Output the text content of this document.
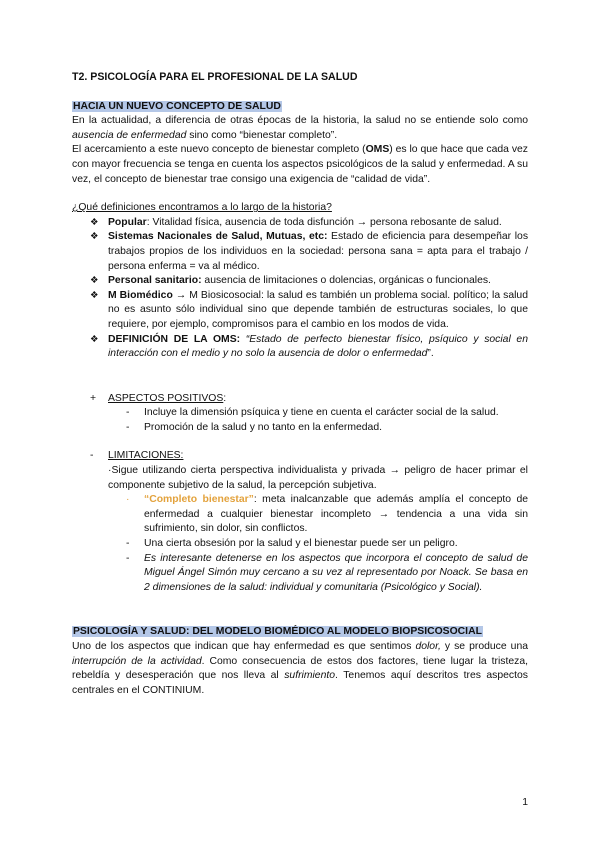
T2. PSICOLOGÍA PARA EL PROFESIONAL DE LA SALUD

HACIA UN NUEVO CONCEPTO DE SALUD

En la actualidad, a diferencia de otras épocas de la historia, la salud no se entiende solo como ausencia de enfermedad sino como “bienestar completo”.

El acercamiento a este nuevo concepto de bienestar completo (OMS) es lo que hace que cada vez con mayor frecuencia se tenga en cuenta los aspectos psicológicos de la salud y enfermedad. A su vez, el concepto de bienestar trae consigo una exigencia de “calidad de vida”.

¿Qué definiciones encontramos a lo largo de la historia?

❖ Popular: Vitalidad física, ausencia de toda disfunción → persona rebosante de salud.
❖ Sistemas Nacionales de Salud, Mutuas, etc: Estado de eficiencia para desempeñar los trabajos propios de los individuos en la sociedad: persona sana = apta para el trabajo / persona enferma = va al médico.
❖ Personal sanitario: ausencia de limitaciones o dolencias, orgánicas o funcionales.
❖ M Biomédico → M Biosicosocial: la salud es también un problema social. político; la salud no es asunto sólo individual sino que depende también de estructuras sociales, lo que requiere, por ejemplo, compromisos para el cambio en los modos de vida.
❖ DEFINICIÓN DE LA OMS: “Estado de perfecto bienestar físico, psíquico y social en interacción con el medio y no solo la ausencia de dolor o enfermedad”.
+ ASPECTOS POSITIVOS:
- Incluye la dimensión psíquica y tiene en cuenta el carácter social de la salud.
- Promoción de la salud y no tanto en la enfermedad.
- LIMITACIONES:

·Sigue utilizando cierta perspectiva individualista y privada → peligro de hacer primar el componente subjetivo de la salud, la percepción subjetiva.

· “Completo bienestar”: meta inalcanzable que además amplía el concepto de enfermedad a cualquier bienestar incompleto → tendencia a una vida sin sufrimiento, sin dolor, sin conflictos.
- Una cierta obsesión por la salud y el bienestar puede ser un peligro.
- Es interesante detenerse en los aspectos que incorpora el concepto de salud de Miguel Ángel Simón muy cercano a su vez al representado por Noack. Se basa en 2 dimensiones de la salud: individual y comunitaria (Psicológico y Social).
PSICOLOGÍA Y SALUD: DEL MODELO BIOMÉDICO AL MODELO BIOPSICOSOCIAL

Uno de los aspectos que indican que hay enfermedad es que sentimos dolor, y se produce una interrupción de la actividad. Como consecuencia de estos dos factores, tiene lugar la tristeza, rebeldía y desesperación que nos lleva al sufrimiento. Tenemos aquí descritos tres aspectos centrales en el CONTINIUM.

1
